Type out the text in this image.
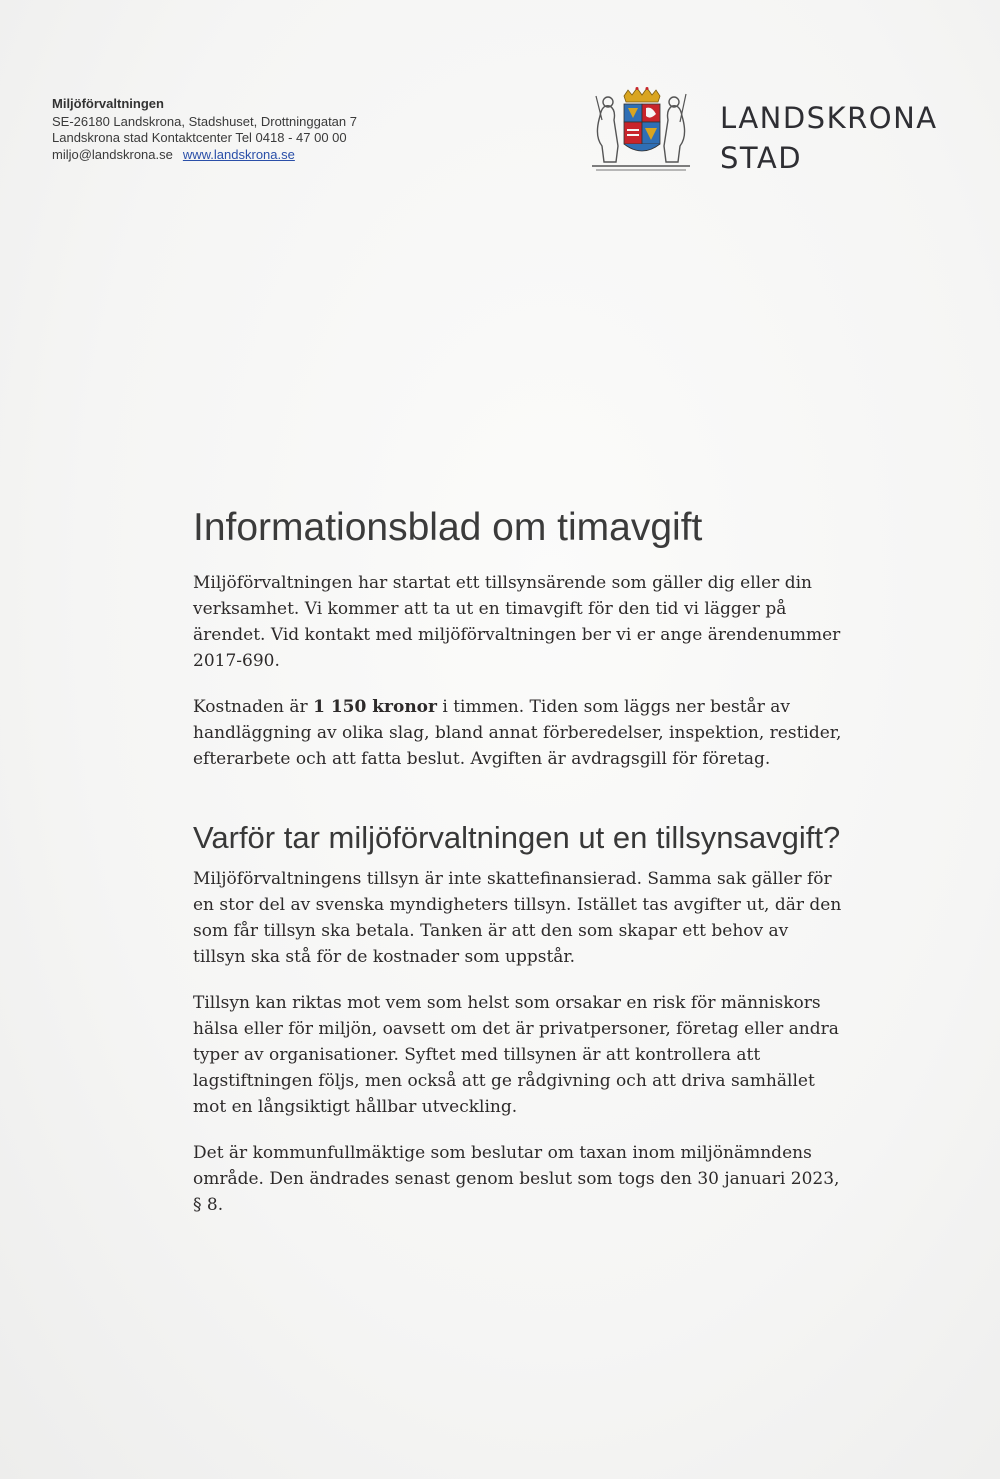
Miljöförvaltningen
SE-26180 Landskrona, Stadshuset, Drottninggatan 7
Landskrona stad Kontaktcenter Tel 0418 - 47 00 00
miljo@landskrona.se www.landskrona.se
LANDSKRONA
STAD
Informationsblad om timavgift

Miljöförvaltningen har startat ett tillsynsärende som gäller dig eller din verksamhet. Vi kommer att ta ut en timavgift för den tid vi lägger på ärendet. Vid kontakt med miljöförvaltningen ber vi er ange ärendenummer 2017-690.

Kostnaden är 1 150 kronor i timmen. Tiden som läggs ner består av handläggning av olika slag, bland annat förberedelser, inspektion, restider, efterarbete och att fatta beslut. Avgiften är avdragsgill för företag.

Varför tar miljöförvaltningen ut en tillsynsavgift?

Miljöförvaltningens tillsyn är inte skattefinansierad. Samma sak gäller för en stor del av svenska myndigheters tillsyn. Istället tas avgifter ut, där den som får tillsyn ska betala. Tanken är att den som skapar ett behov av tillsyn ska stå för de kostnader som uppstår.

Tillsyn kan riktas mot vem som helst som orsakar en risk för människors hälsa eller för miljön, oavsett om det är privatpersoner, företag eller andra typer av organisationer. Syftet med tillsynen är att kontrollera att lagstiftningen följs, men också att ge rådgivning och att driva samhället mot en långsiktigt hållbar utveckling.

Det är kommunfullmäktige som beslutar om taxan inom miljönämndens område. Den ändrades senast genom beslut som togs den 30 januari 2023, § 8.
